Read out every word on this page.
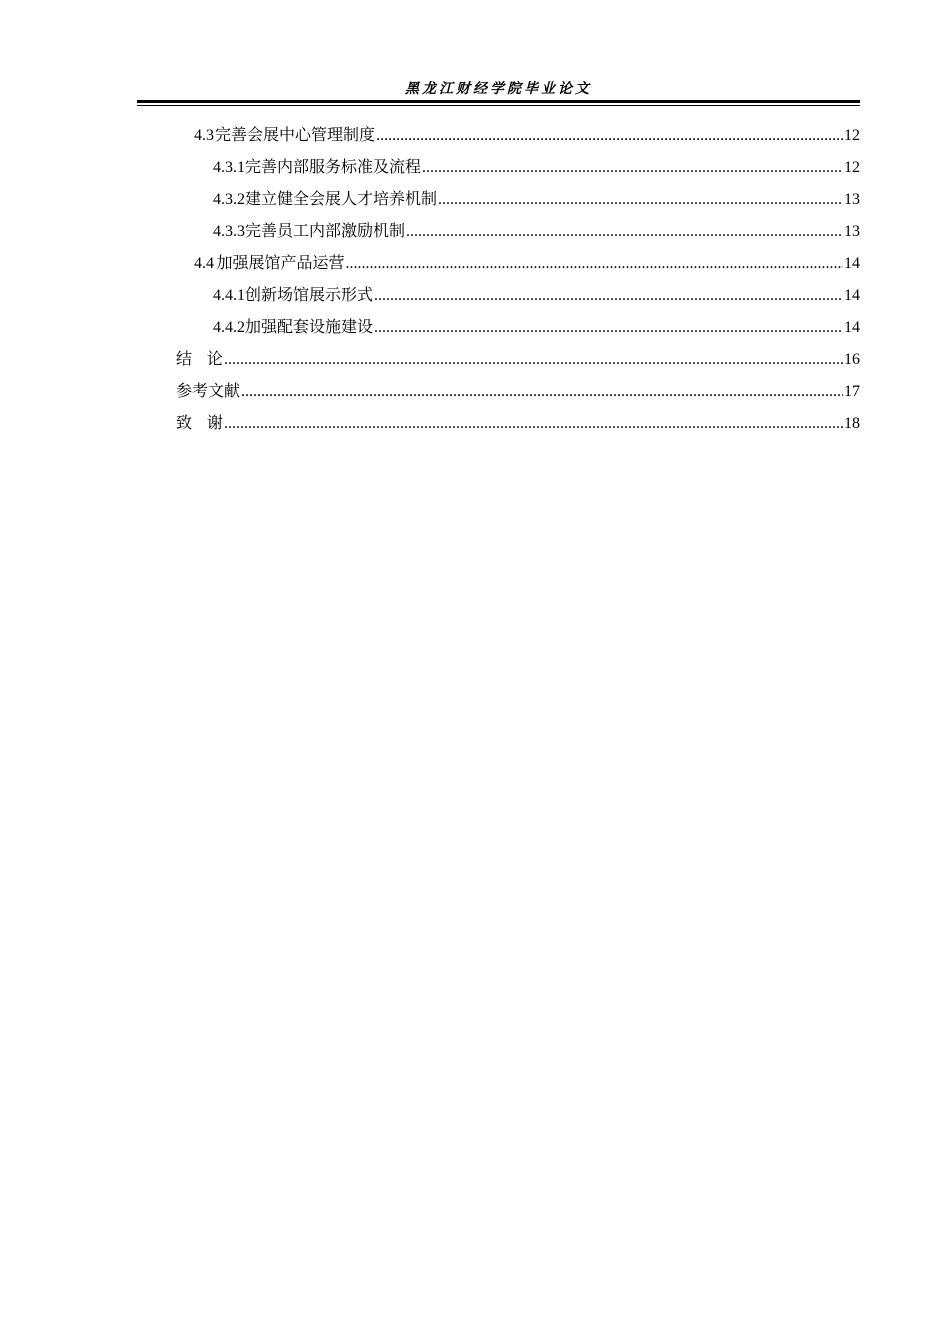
黑龙江财经学院毕业论文
4.3 完善会展中心管理制度 .....	12
4.3.1 完善内部服务标准及流程 .....	12
4.3.2 建立健全会展人才培养机制 .....	13
4.3.3 完善员工内部激励机制 .....	13
4.4 加强展馆产品运营 .....	14
4.4.1 创新场馆展示形式 .....	14
4.4.2 加强配套设施建设 .....	14
结论 .....	16
参考文献 .....	17
致谢 .....	18
